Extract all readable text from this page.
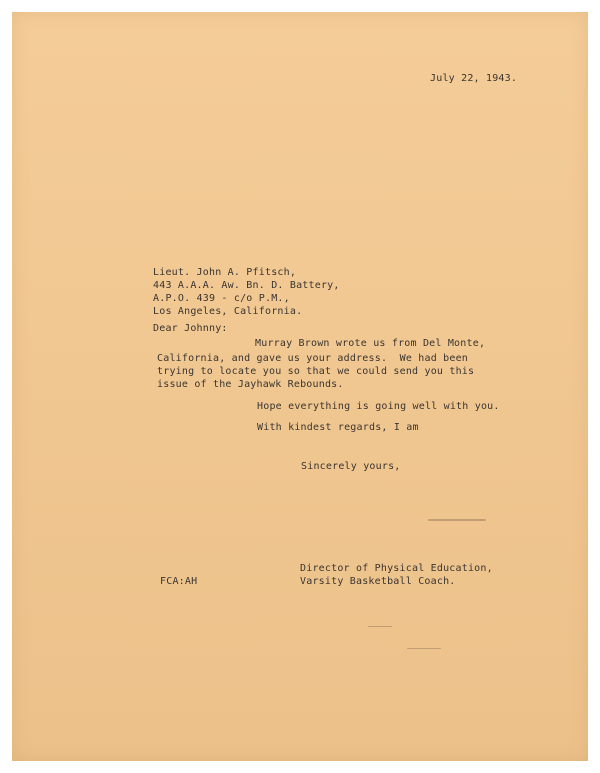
July 22, 1943.
Lieut. John A. Pfitsch,
443 A.A.A. Aw. Bn. D. Battery,
A.P.O. 439 - c/o P.M.,
Los Angeles, California.
Dear Johnny:
Murray Brown wrote us from Del Monte,
California, and gave us your address.  We had been
trying to locate you so that we could send you this
issue of the Jayhawk Rebounds.
Hope everything is going well with you.
With kindest regards, I am
Sincerely yours,
Director of Physical Education,
Varsity Basketball Coach.
FCA:AH
